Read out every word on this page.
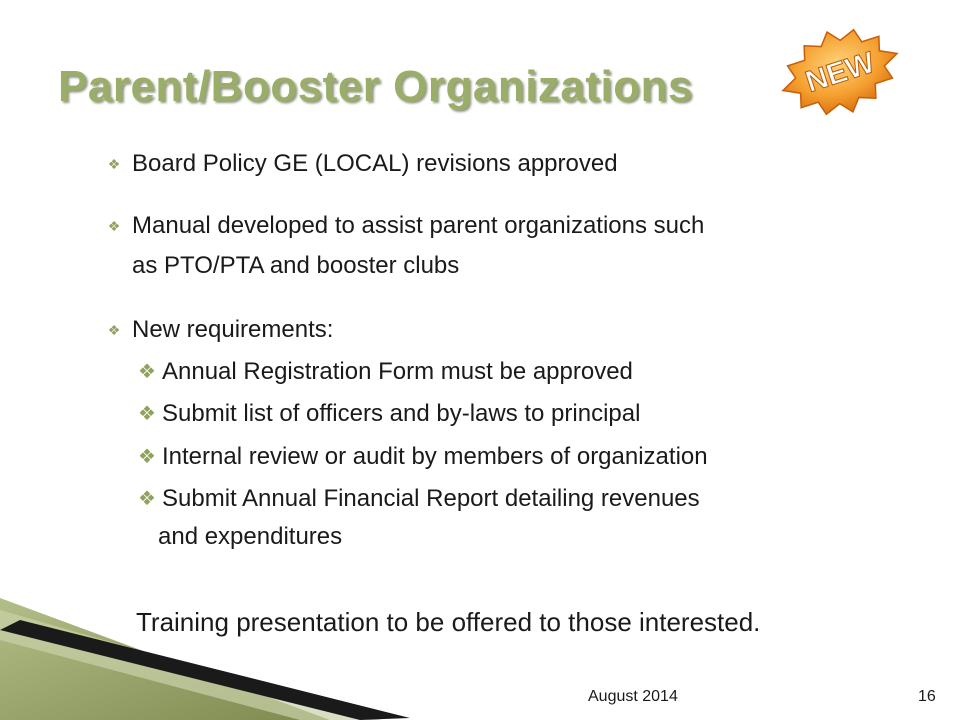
Parent/Booster Organizations	NEW
❖ Board Policy GE (LOCAL) revisions approved
❖ Manual developed to assist parent organizations such
as PTO/PTA and booster clubs
❖ New requirements:
❖ Annual Registration Form must be approved
❖ Submit list of officers and by-laws to principal
❖ Internal review or audit by members of organization
❖ Submit Annual Financial Report detailing revenues
and expenditures
Training presentation to be offered to those interested.
August 2014	16
